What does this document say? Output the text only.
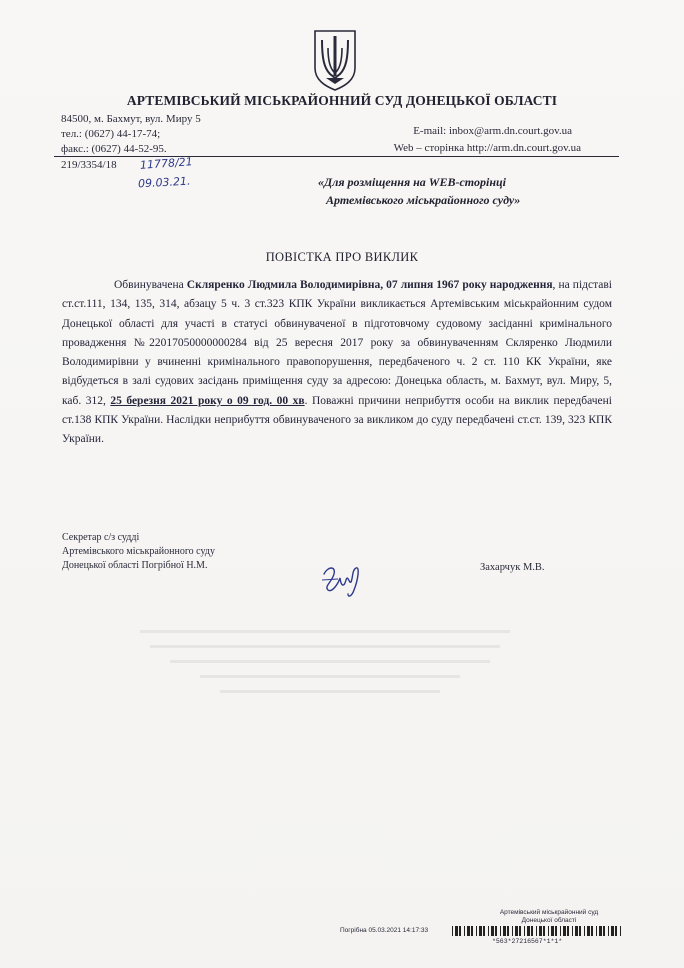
АРТЕМІВСЬКИЙ МІСЬКРАЙОННИЙ СУД ДОНЕЦЬКОЇ ОБЛАСТІ
84500, м. Бахмут, вул. Миру 5
тел.: (0627) 44-17-74;
факс.: (0627) 44-52-95.
E-mail: inbox@arm.dn.court.gov.ua
Web – сторінка http://arm.dn.court.gov.ua
219/3354/18 11778/21
09.03.21.	«Для розміщення на WEB-сторінці
Артемівського міськрайонного суду»
ПОВІСТКА ПРО ВИКЛИК

Обвинувачена Скляренко Людмила Володимирівна, 07 липня 1967 року народження, на підставі ст.ст.111, 134, 135, 314, абзацу 5 ч. 3 ст.323 КПК України викликається Артемівським міськрайонним судом Донецької області для участі в статусі обвинуваченої в підготовчому судовому засіданні кримінального провадження №22017050000000284 від 25 вересня 2017 року за обвинуваченням Скляренко Людмили Володимирівни у вчиненні кримінального правопорушення, передбаченого ч. 2 ст. 110 КК України, яке відбудеться в залі судових засідань приміщення суду за адресою: Донецька область, м. Бахмут, вул. Миру, 5, каб. 312, 25 березня 2021 року о 09 год. 00 хв. Поважні причини неприбуття особи на виклик передбачені ст.138 КПК України. Наслідки неприбуття обвинуваченого за викликом до суду передбачені ст.ст. 139, 323 КПК України.

Секретар с/з судді
Артемівського міськрайонного суду
Донецької області Погрібної Н.М.	Захарчук М.В.
Артемівський міськрайонний суд
Донецької області
Погрібна 05.03.2021 14:17:33
*563*27216567*1*1*
